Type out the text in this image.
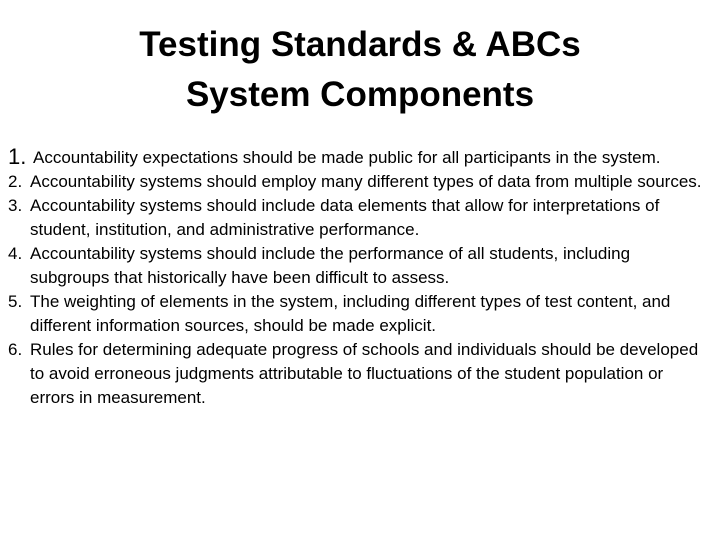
Testing Standards & ABCs
System Components
1. Accountability expectations should be made public for all participants in the system.
2. Accountability systems should employ many different types of data from multiple sources.
3. Accountability systems should include data elements that allow for interpretations of student, institution, and administrative performance.
4. Accountability systems should include the performance of all students, including subgroups that historically have been difficult to assess.
5. The weighting of elements in the system, including different types of test content, and different information sources, should be made explicit.
6. Rules for determining adequate progress of schools and individuals should be developed to avoid erroneous judgments attributable to fluctuations of the student population or errors in measurement.
